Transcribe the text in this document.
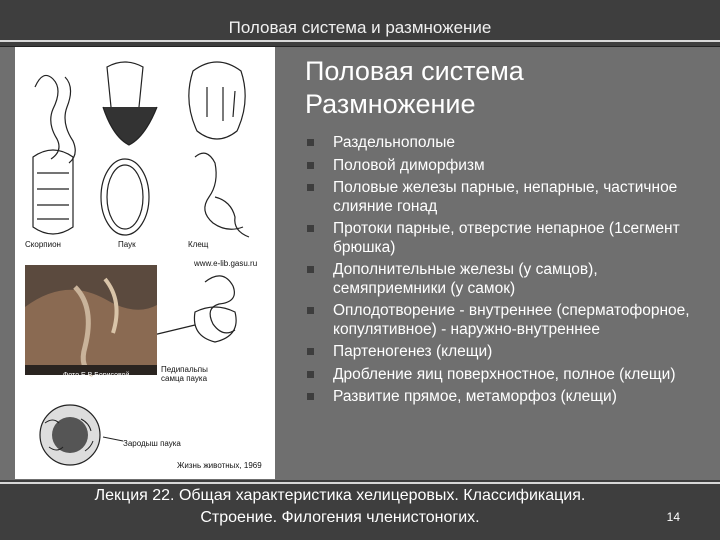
Половая система и размножение
Скорпион	Паук	Клещ
www.e-lib.gasu.ru
Фото Е.В.Борисовой
Педипальпы самца паука
Зародыш паука
Жизнь животных, 1969
Половая система
Размножение
Раздельнополые
Половой диморфизм
Половые железы парные, непарные, частичное слияние гонад
Протоки парные, отверстие непарное (1сегмент брюшка)
Дополнительные железы (у самцов), семяприемники (у самок)
Оплодотворение - внутреннее (сперматофорное, копулятивное) - наружно-внутреннее
Партеногенез (клещи)
Дробление яиц поверхностное, полное (клещи)
Развитие прямое, метаморфоз (клещи)
Лекция 22. Общая характеристика хелицеровых. Классификация.
Строение. Филогения членистоногих.	14
